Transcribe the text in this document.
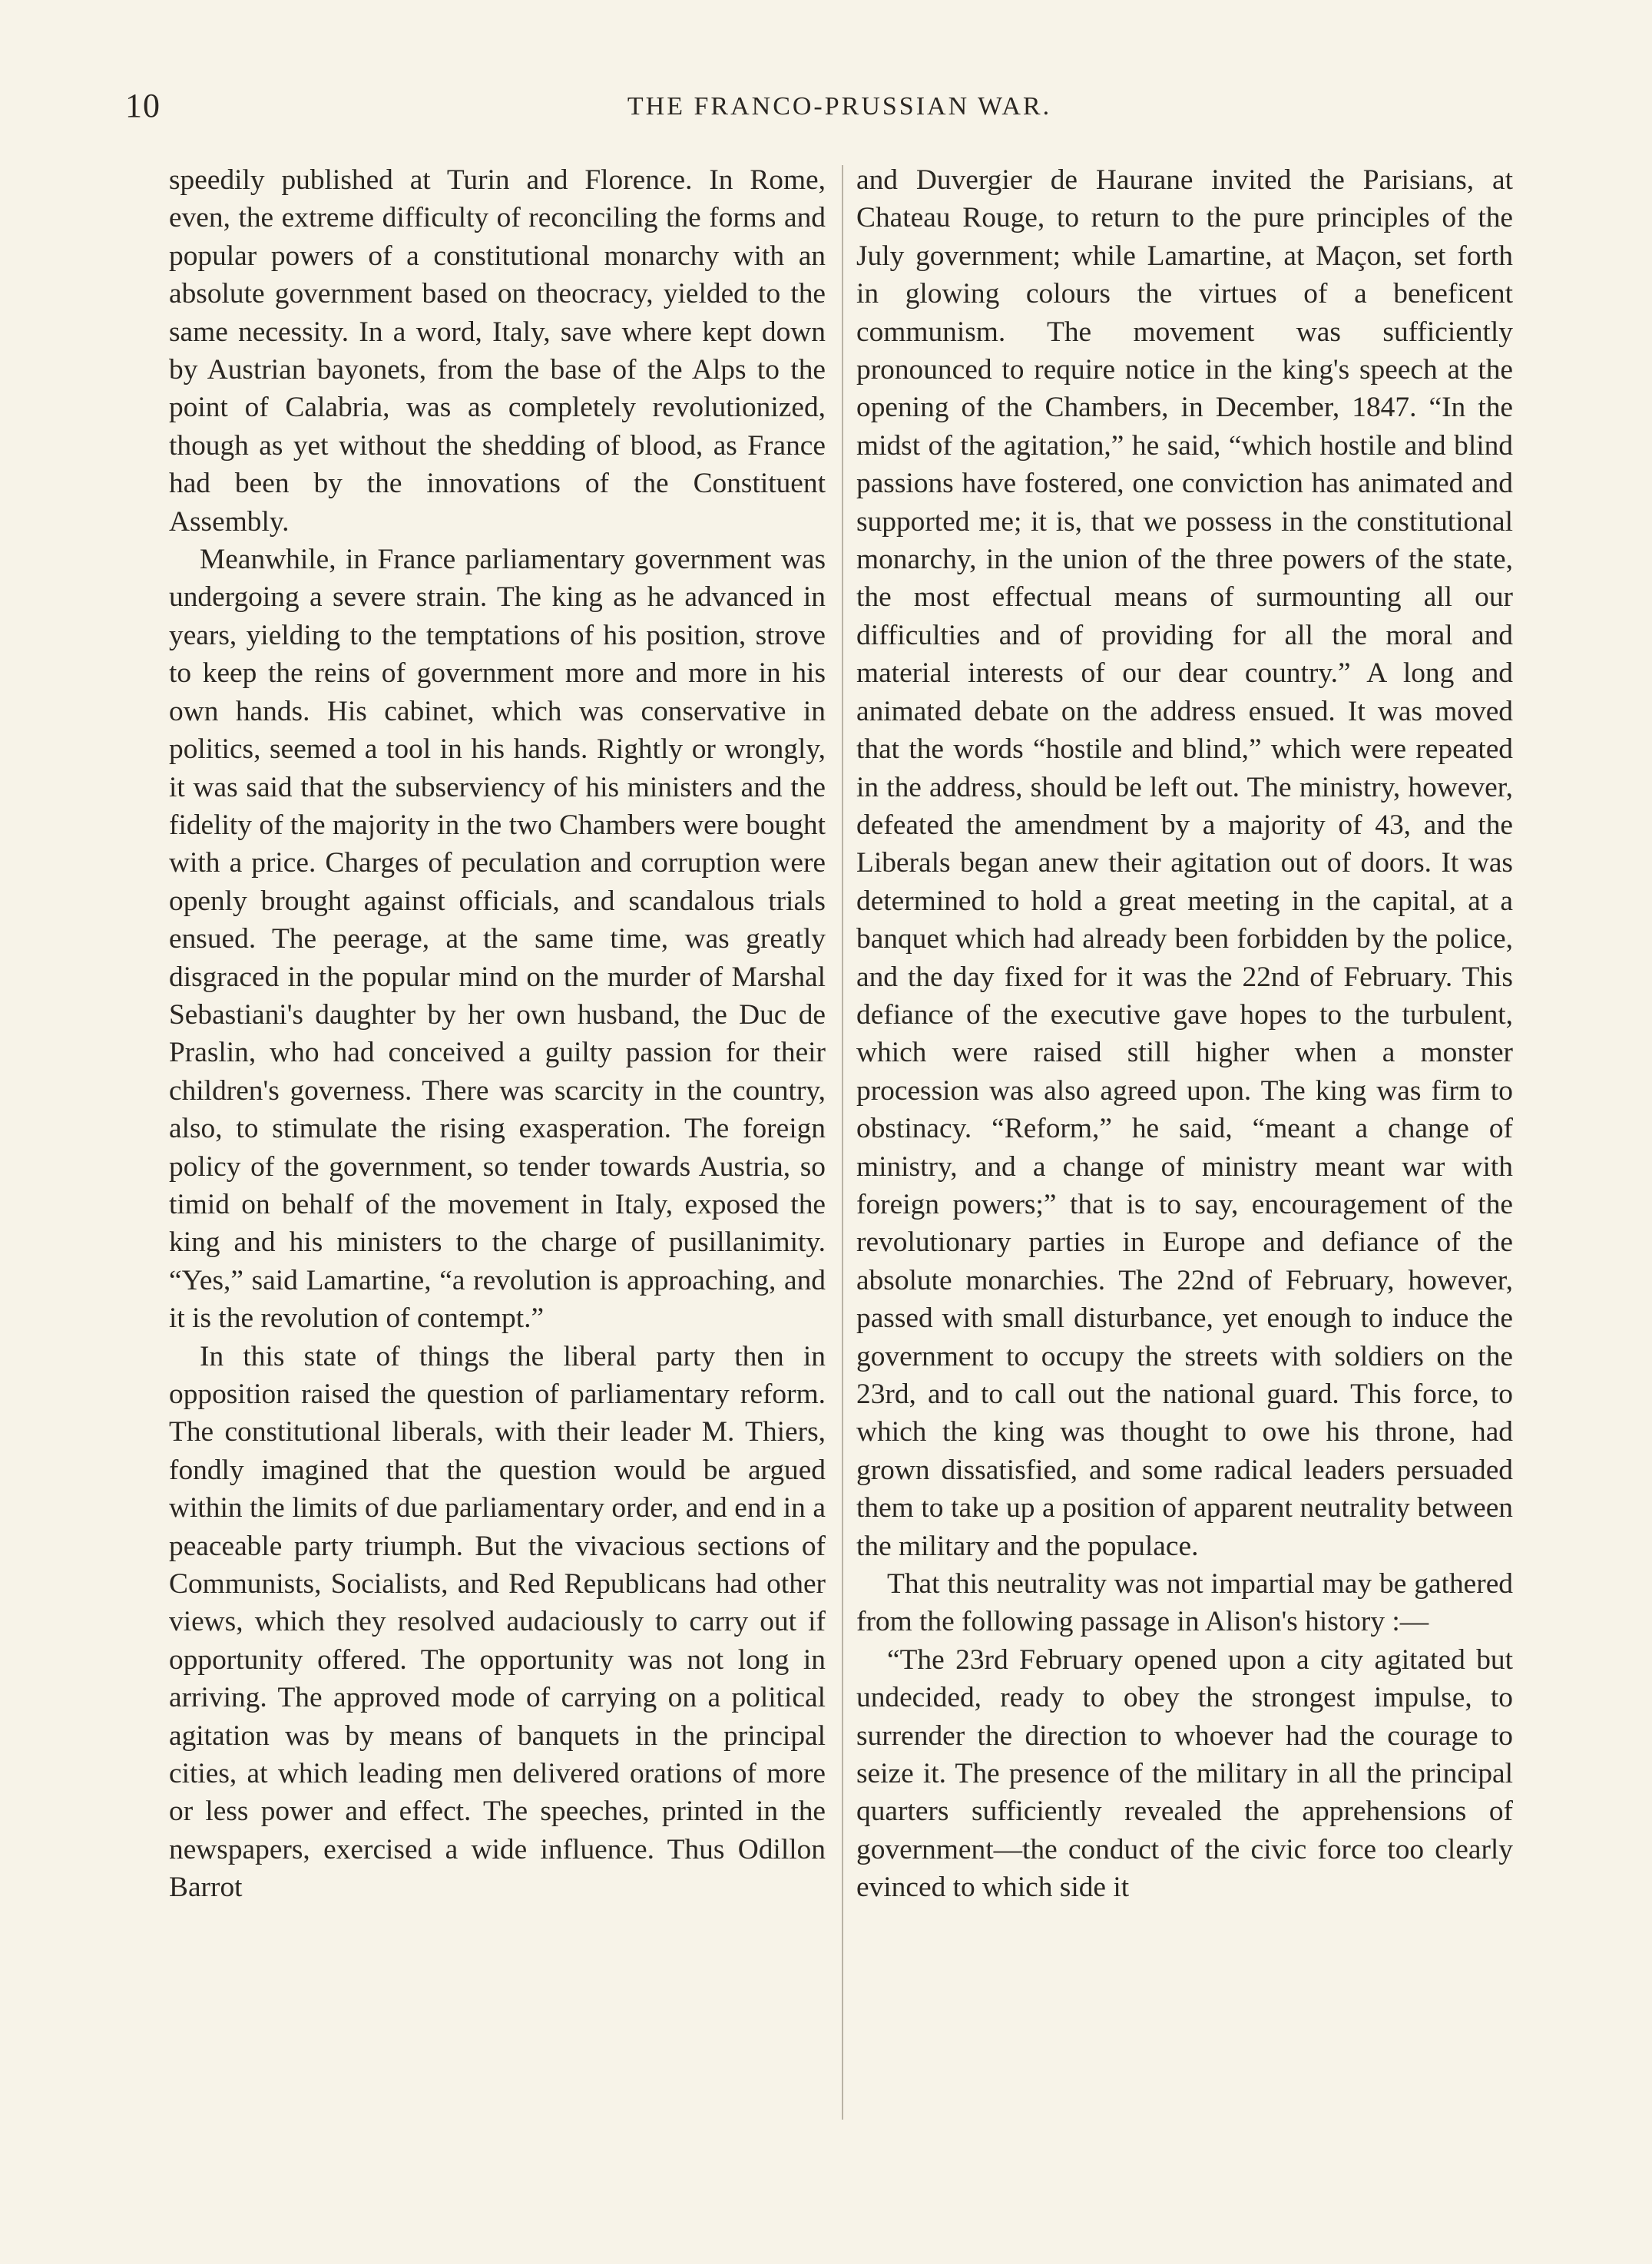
10	THE FRANCO-PRUSSIAN WAR.

speedily published at Turin and Florence. In Rome, even, the extreme difficulty of reconciling the forms and popular powers of a constitutional monarchy with an absolute government based on theocracy, yielded to the same necessity. In a word, Italy, save where kept down by Austrian bayonets, from the base of the Alps to the point of Calabria, was as completely revolutionized, though as yet without the shedding of blood, as France had been by the innovations of the Constituent Assembly.

Meanwhile, in France parliamentary government was undergoing a severe strain. The king as he advanced in years, yielding to the temptations of his position, strove to keep the reins of government more and more in his own hands. His cabinet, which was conservative in politics, seemed a tool in his hands. Rightly or wrongly, it was said that the subserviency of his ministers and the fidelity of the majority in the two Chambers were bought with a price. Charges of peculation and corruption were openly brought against officials, and scandalous trials ensued. The peerage, at the same time, was greatly disgraced in the popular mind on the murder of Marshal Sebastiani's daughter by her own husband, the Duc de Praslin, who had conceived a guilty passion for their children's governess. There was scarcity in the country, also, to stimulate the rising exasperation. The foreign policy of the government, so tender towards Austria, so timid on behalf of the movement in Italy, exposed the king and his ministers to the charge of pusillanimity. “Yes,” said Lamartine, “a revolution is approaching, and it is the revolution of contempt.”

In this state of things the liberal party then in opposition raised the question of parliamentary reform. The constitutional liberals, with their leader M. Thiers, fondly imagined that the question would be argued within the limits of due parliamentary order, and end in a peaceable party triumph. But the vivacious sections of Communists, Socialists, and Red Republicans had other views, which they resolved audaciously to carry out if opportunity offered. The opportunity was not long in arriving. The approved mode of carrying on a political agitation was by means of banquets in the principal cities, at which leading men delivered orations of more or less power and effect. The speeches, printed in the newspapers, exercised a wide influence. Thus Odillon Barrot

and Duvergier de Haurane invited the Parisians, at Chateau Rouge, to return to the pure principles of the July government; while Lamartine, at Maçon, set forth in glowing colours the virtues of a beneficent communism. The movement was sufficiently pronounced to require notice in the king's speech at the opening of the Chambers, in December, 1847. “In the midst of the agitation,” he said, “which hostile and blind passions have fostered, one conviction has animated and supported me; it is, that we possess in the constitutional monarchy, in the union of the three powers of the state, the most effectual means of surmounting all our difficulties and of providing for all the moral and material interests of our dear country.” A long and animated debate on the address ensued. It was moved that the words “hostile and blind,” which were repeated in the address, should be left out. The ministry, however, defeated the amendment by a majority of 43, and the Liberals began anew their agitation out of doors. It was determined to hold a great meeting in the capital, at a banquet which had already been forbidden by the police, and the day fixed for it was the 22nd of February. This defiance of the executive gave hopes to the turbulent, which were raised still higher when a monster procession was also agreed upon. The king was firm to obstinacy. “Reform,” he said, “meant a change of ministry, and a change of ministry meant war with foreign powers;” that is to say, encouragement of the revolutionary parties in Europe and defiance of the absolute monarchies. The 22nd of February, however, passed with small disturbance, yet enough to induce the government to occupy the streets with soldiers on the 23rd, and to call out the national guard. This force, to which the king was thought to owe his throne, had grown dissatisfied, and some radical leaders persuaded them to take up a position of apparent neutrality between the military and the populace.

That this neutrality was not impartial may be gathered from the following passage in Alison's history :—

“The 23rd February opened upon a city agitated but undecided, ready to obey the strongest impulse, to surrender the direction to whoever had the courage to seize it. The presence of the military in all the principal quarters sufficiently revealed the apprehensions of government—the conduct of the civic force too clearly evinced to which side it
